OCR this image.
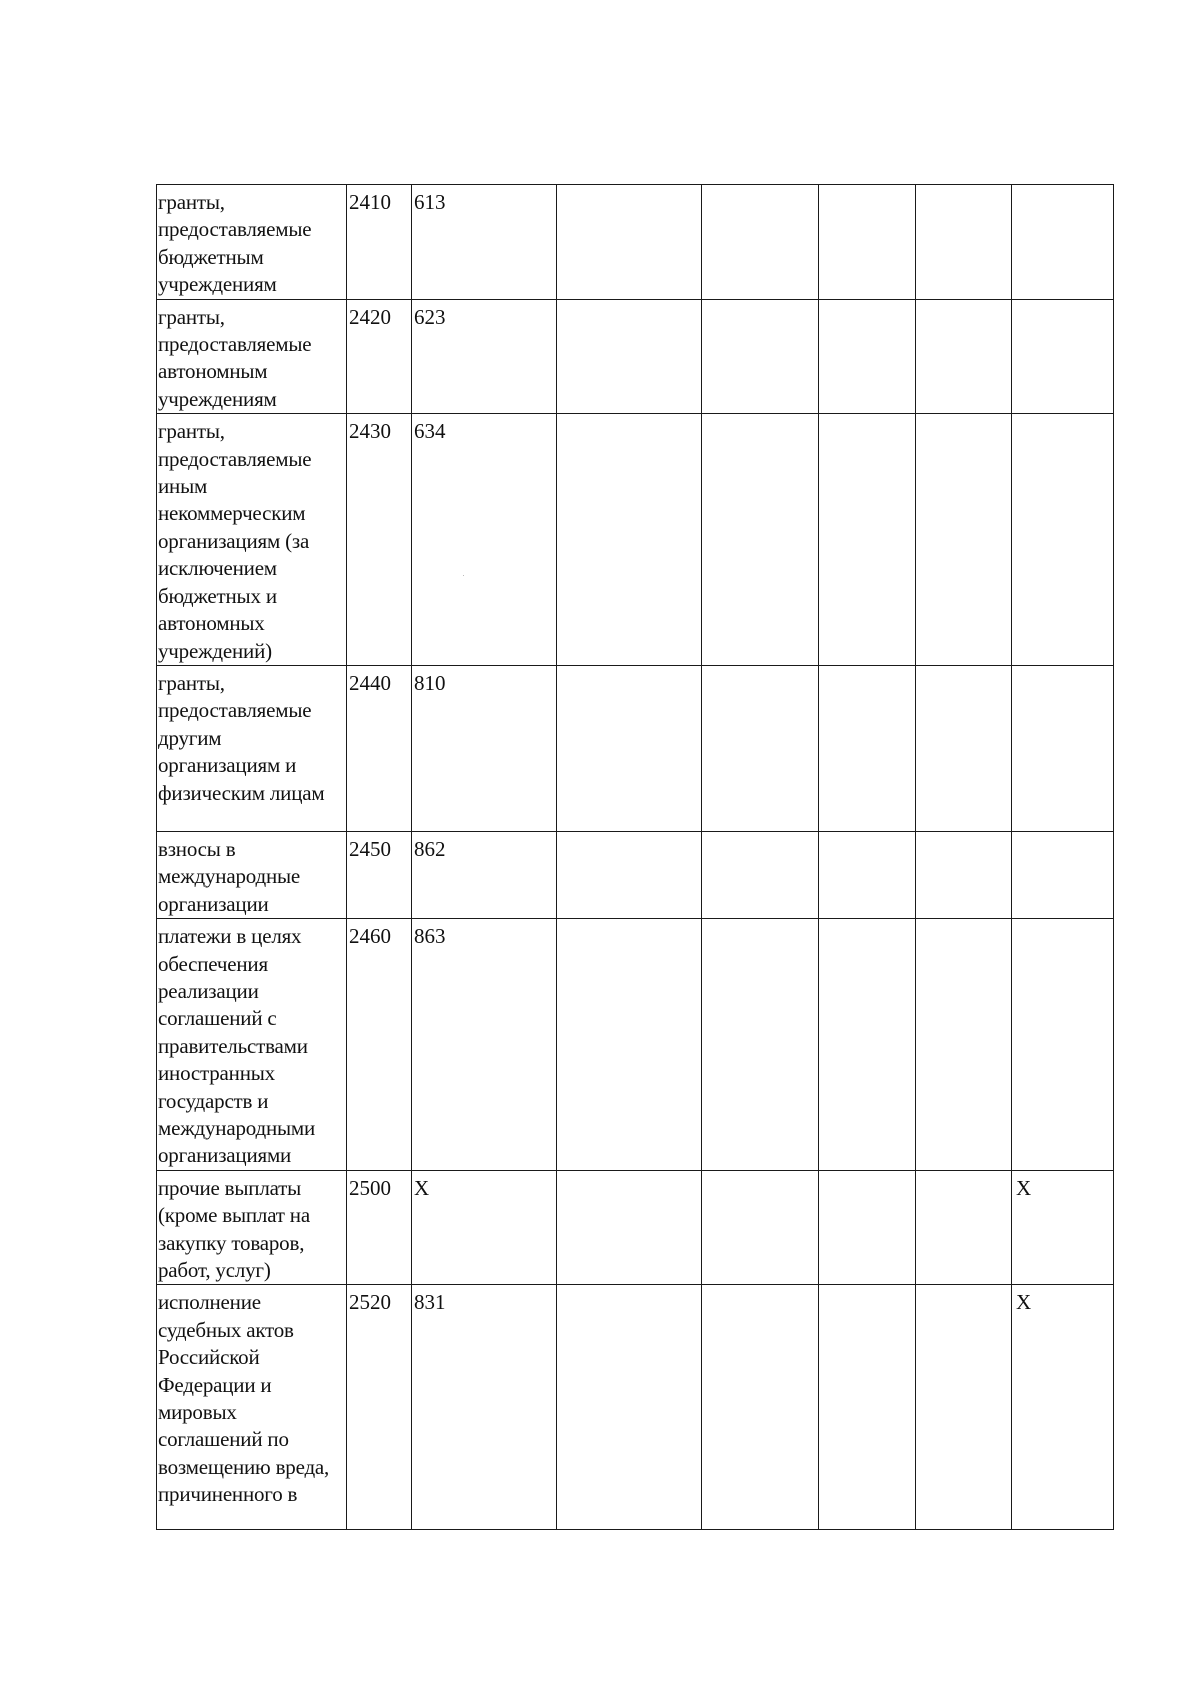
гранты, предоставляемые бюджетным учреждениям	2410	613					

гранты, предоставляемые автономным учреждениям	2420	623					

гранты, предоставляемые иным некоммерческим организациям (за исключением бюджетных и автономных учреждений)	2430	634					

гранты, предоставляемые другим организациям и физическим лицам	2440	810					

взносы в международные организации	2450	862					

платежи в целях обеспечения реализации соглашений с правительствами иностранных государств и международными организациями	2460	863					

прочие выплаты (кроме выплат на закупку товаров, работ, услуг)	2500	X					X

исполнение судебных актов Российской Федерации и мировых соглашений по возмещению вреда, причиненного в	2520	831					X
